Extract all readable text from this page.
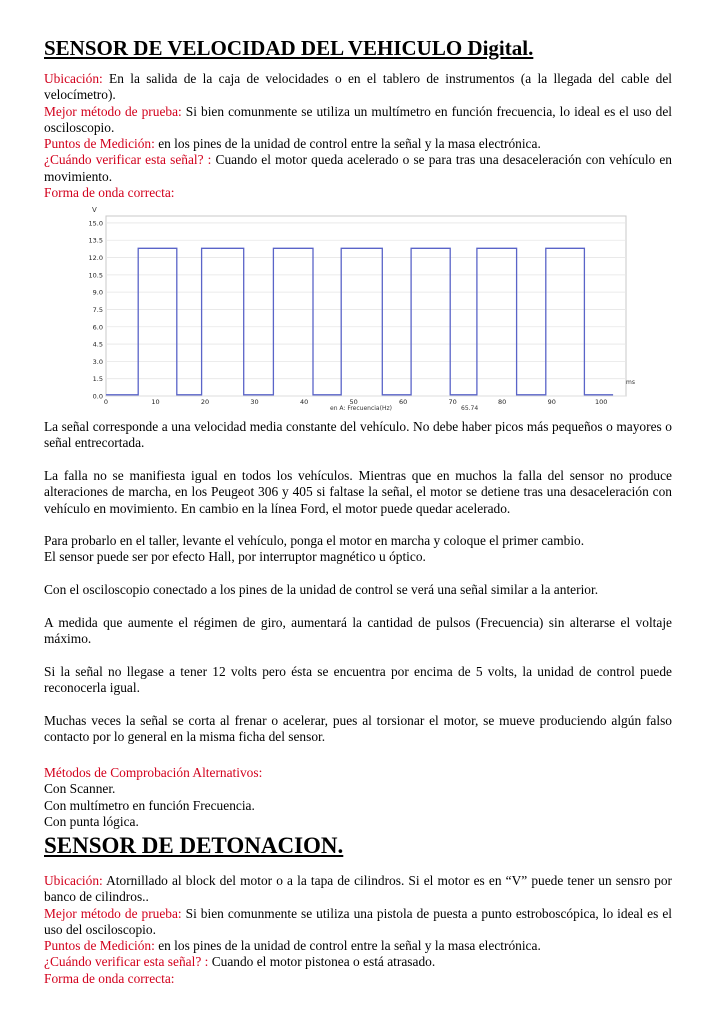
SENSOR DE VELOCIDAD DEL VEHICULO Digital.
Ubicación: En la salida de la caja de velocidades o en el tablero de instrumentos (a la llegada del cable del velocímetro).
Mejor método de prueba: Si bien comunmente se utiliza un multímetro en función frecuencia, lo ideal es el uso del osciloscopio.
Puntos de Medición: en los pines de la unidad de control entre la señal y la masa electrónica.
¿Cuándo verificar esta señal? : Cuando el motor queda acelerado o se para tras una desaceleración con vehículo en movimiento.
Forma de onda correcta:
0.0
1.5
3.0
4.5
6.0
7.5
9.0
10.5
12.0
13.5
15.0
0	10	20	30	40	50	60	70	80	90	100
V
ms
en A: Frecuencia(Hz)	65.74

La señal corresponde a una velocidad media constante del vehículo. No debe haber picos más pequeños o mayores o señal entrecortada.

La falla no se manifiesta igual en todos los vehículos. Mientras que en muchos la falla del sensor no produce alteraciones de marcha, en los Peugeot 306 y 405 si faltase la señal, el motor se detiene tras una desaceleración con vehículo en movimiento. En cambio en la línea Ford, el motor puede quedar acelerado.

Para probarlo en el taller, levante el vehículo, ponga el motor en marcha y coloque el primer cambio.
El sensor puede ser por efecto Hall, por interruptor magnético u óptico.

Con el osciloscopio conectado a los pines de la unidad de control se verá una señal similar a la anterior.

A medida que aumente el régimen de giro, aumentará la cantidad de pulsos (Frecuencia) sin alterarse el voltaje máximo.

Si la señal no llegase a tener 12 volts pero ésta se encuentra por encima de 5 volts, la unidad de control puede reconocerla igual.

Muchas veces la señal se corta al frenar o acelerar, pues al torsionar el motor, se mueve produciendo algún falso contacto por lo general en la misma ficha del sensor.

Métodos de Comprobación Alternativos:
Con Scanner.
Con multímetro en función Frecuencia.
Con punta lógica.
SENSOR DE DETONACION.
Ubicación: Atornillado al block del motor o a la tapa de cilindros. Si el motor es en “V” puede tener un sensro por banco de cilindros..
Mejor método de prueba: Si bien comunmente se utiliza una pistola de puesta a punto estroboscópica, lo ideal es el uso del osciloscopio.
Puntos de Medición: en los pines de la unidad de control entre la señal y la masa electrónica.
¿Cuándo verificar esta señal? : Cuando el motor pistonea o está atrasado.
Forma de onda correcta:
